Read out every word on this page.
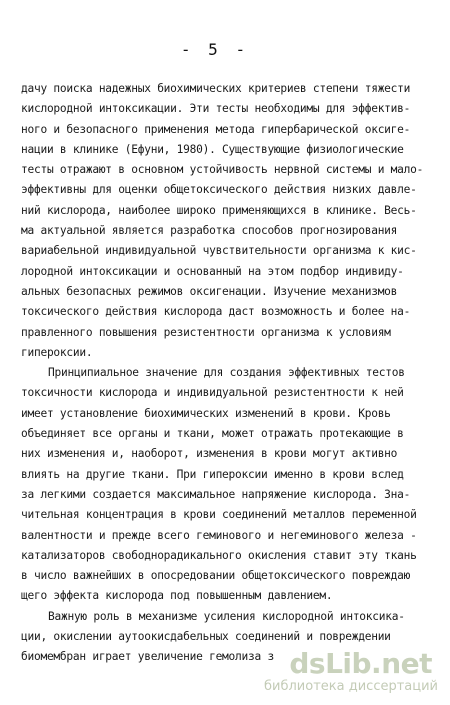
- 5 -
дачу поиска надежных биохимических критериев степени тяжести
кислородной интоксикации. Эти тесты необходимы для эффектив-
ного и безопасного применения метода гипербарической оксиге-
нации в клинике (Ефуни, 1980). Существующие физиологические
тесты отражают в основном устойчивость нервной системы и мало-
эффективны для оценки общетоксического действия низких давле-
ний кислорода, наиболее широко применяющихся в клинике. Весь-
ма актуальной является разработка способов прогнозирования
вариабельной индивидуальной чувствительности организма к кис-
лородной интоксикации и основанный на этом подбор индивиду-
альных безопасных режимов оксигенации. Изучение механизмов
токсического действия кислорода даст возможность и более на-
правленного повышения резистентности организма к условиям
гипероксии.
Принципиальное значение для создания эффективных тестов
токсичности кислорода и индивидуальной резистентности к ней
имеет установление биохимических изменений в крови. Кровь
объединяет все органы и ткани, может отражать протекающие в
них изменения и, наоборот, изменения в крови могут активно
влиять на другие ткани. При гипероксии именно в крови вслед
за легкими создается максимальное напряжение кислорода. Зна-
чительная концентрация в крови соединений металлов переменной
валентности и прежде всего геминового и негеминового железа -
катализаторов свободнорадикального окисления ставит эту ткань
в число важнейших в опосредовании общетоксического повреждаю
щего эффекта кислорода под повышенным давлением.
Важную роль в механизме усиления кислородной интоксика-
ции, окислении аутоокисдабельных соединений и повреждении
биомембран играет увеличение гемолиза з dsLib.net
библиотека диссертаций
